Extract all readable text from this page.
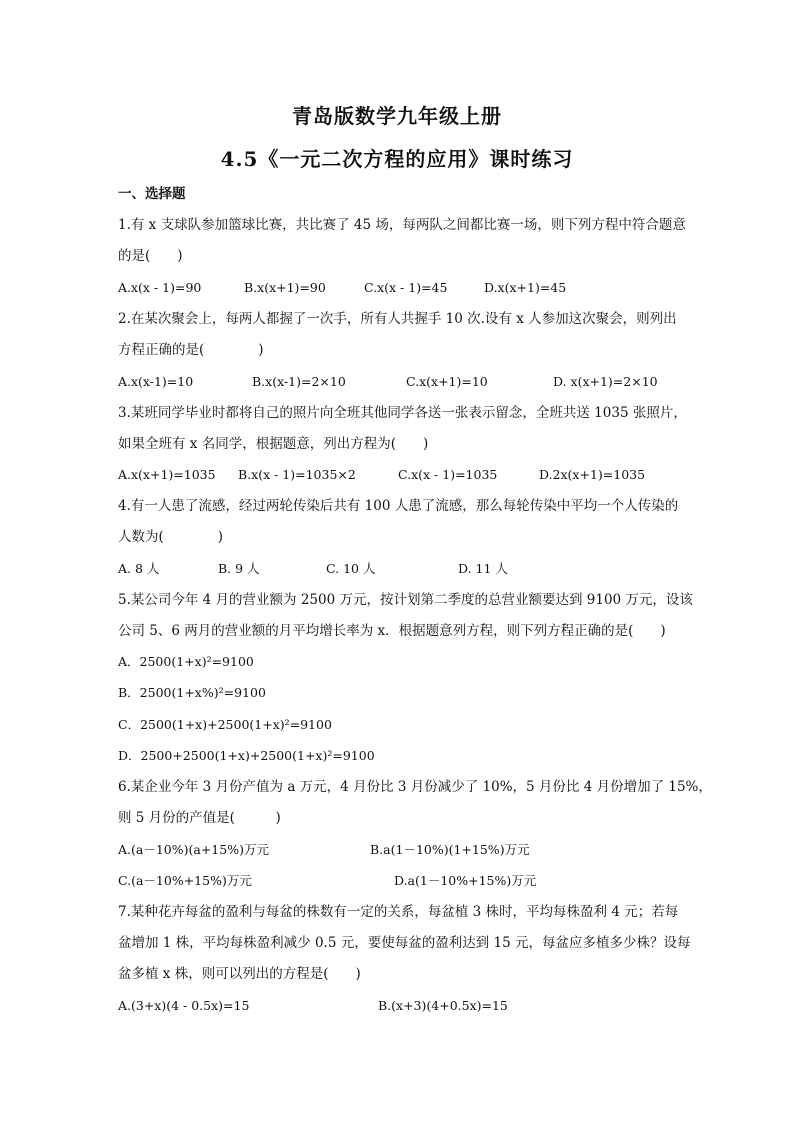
青岛版数学九年级上册
4.5《一元二次方程的应用》课时练习
一、选择题
1.有 x 支球队参加篮球比赛，共比赛了 45 场，每两队之间都比赛一场，则下列方程中符合题意
的是(　　)
A.x(x - 1)=90	B.x(x+1)=90	C.x(x - 1)=45	D.x(x+1)=45
2.在某次聚会上，每两人都握了一次手，所有人共握手 10 次.设有 x 人参加这次聚会，则列出
方程正确的是(　　　　)
A.x(x-1)=10	B.x(x-1)=2×10	C.x(x+1)=10	D. x(x+1)=2×10
3.某班同学毕业时都将自己的照片向全班其他同学各送一张表示留念，全班共送 1035 张照片，
如果全班有 x 名同学，根据题意，列出方程为(　　)
A.x(x+1)=1035 B.x(x - 1)=1035×2	C.x(x - 1)=1035	D.2x(x+1)=1035
4.有一人患了流感，经过两轮传染后共有 100 人患了流感，那么每轮传染中平均一个人传染的
人数为(　　　　)
A. 8 人	B. 9 人	C. 10 人	D. 11 人
5.某公司今年 4 月的营业额为 2500 万元，按计划第二季度的总营业额要达到 9100 万元，设该
公司 5、6 两月的营业额的月平均增长率为 x．根据题意列方程，则下列方程正确的是(　　)
A．2500(1+x)²=9100
B．2500(1+x%)²=9100
C．2500(1+x)+2500(1+x)²=9100
D．2500+2500(1+x)+2500(1+x)²=9100
6.某企业今年 3 月份产值为 a 万元，4 月份比 3 月份减少了 10%，5 月份比 4 月份增加了 15%，
则 5 月份的产值是(　　　)
A.(a－10%)(a+15%)万元	B.a(1－10%)(1+15%)万元
C.(a－10%+15%)万元	D.a(1－10%+15%)万元
7.某种花卉每盆的盈利与每盆的株数有一定的关系，每盆植 3 株时，平均每株盈利 4 元；若每
盆增加 1 株，平均每株盈利减少 0.5 元，要使每盆的盈利达到 15 元，每盆应多植多少株？设每
盆多植 x 株，则可以列出的方程是(　　)
A.(3+x)(4 - 0.5x)=15	B.(x+3)(4+0.5x)=15
